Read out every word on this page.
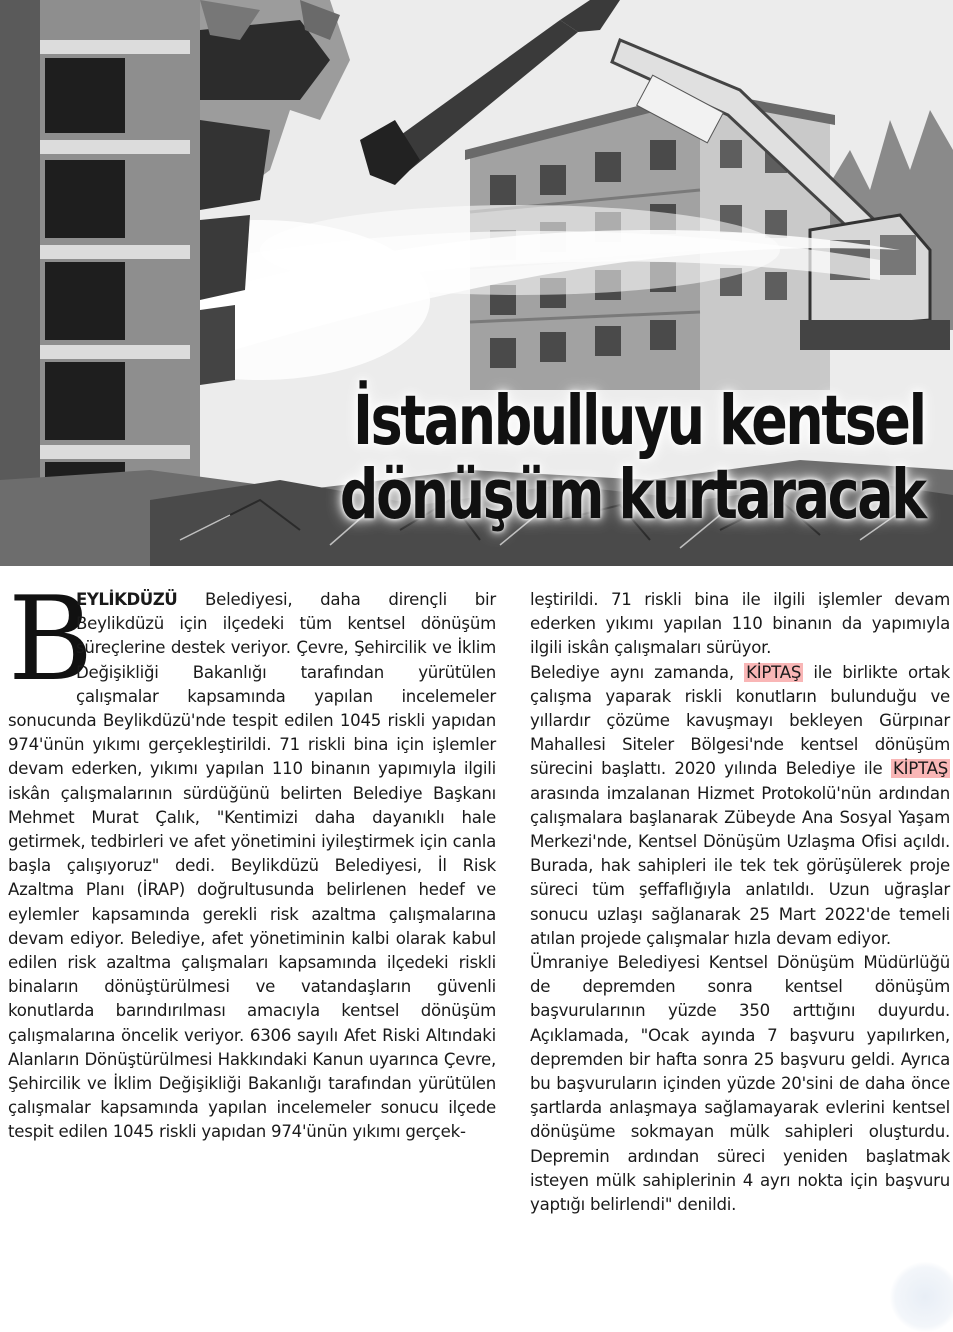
İstanbulluyu kentsel
dönüşüm kurtaracak
B

EYLİKDÜZÜ Belediyesi, daha dirençli bir Beylikdüzü için ilçedeki tüm kentsel dönüşüm süreçlerine destek veriyor. Çevre, Şehircilik ve İklim Değişikliği Bakanlığı tarafından yürütülen çalışmalar kapsamında yapılan incelemeler sonucunda Beylikdüzü'nde tespit edilen 1045 riskli yapıdan 974'ünün yıkımı gerçekleştirildi. 71 riskli bina için işlemler devam ederken, yıkımı yapılan 110 binanın yapımıyla ilgili iskân çalışmalarının sürdüğünü belirten Belediye Başkanı Mehmet Murat Çalık, "Kentimizi daha dayanıklı hale getirmek, tedbirleri ve afet yönetimini iyileştirmek için canla başla çalışıyoruz" dedi. Beylikdüzü Belediyesi, İl Risk Azaltma Planı (İRAP) doğrultusunda belirlenen hedef ve eylemler kapsamında gerekli risk azaltma çalışmalarına devam ediyor. Belediye, afet yönetiminin kalbi olarak kabul edilen risk azaltma çalışmaları kapsamında ilçedeki riskli binaların dönüştürülmesi ve vatandaşların güvenli konutlarda barındırılması amacıyla kentsel dönüşüm çalışmalarına öncelik veriyor. 6306 sayılı Afet Riski Altındaki Alanların Dönüştürülmesi Hakkındaki Kanun uyarınca Çevre, Şehircilik ve İklim Değişikliği Bakanlığı tarafından yürütülen çalışmalar kapsamında yapılan incelemeler sonucu ilçede tespit edilen 1045 riskli yapıdan 974'ünün yıkımı gerçek-

leştirildi. 71 riskli bina ile ilgili işlemler devam ederken yıkımı yapılan 110 binanın da yapımıyla ilgili iskân çalışmaları sürüyor.

Belediye aynı zamanda, KİPTAŞ ile birlikte ortak çalışma yaparak riskli konutların bulunduğu ve yıllardır çözüme kavuşmayı bekleyen Gürpınar Mahallesi Siteler Bölgesi'nde kentsel dönüşüm sürecini başlattı. 2020 yılında Belediye ile KİPTAŞ arasında imzalanan Hizmet Protokolü'nün ardından çalışmalara başlanarak Zübeyde Ana Sosyal Yaşam Merkezi'nde, Kentsel Dönüşüm Uzlaşma Ofisi açıldı. Burada, hak sahipleri ile tek tek görüşülerek proje süreci tüm şeffaflığıyla anlatıldı. Uzun uğraşlar sonucu uzlaşı sağlanarak 25 Mart 2022'de temeli atılan projede çalışmalar hızla devam ediyor.

Ümraniye Belediyesi Kentsel Dönüşüm Müdürlüğü de depremden sonra kentsel dönüşüm başvurularının yüzde 350 arttığını duyurdu. Açıklamada, "Ocak ayında 7 başvuru yapılırken, depremden bir hafta sonra 25 başvuru geldi. Ayrıca bu başvuruların içinden yüzde 20'sini de daha önce şartlarda anlaşmaya sağlamayarak evlerini kentsel dönüşüme sokmayan mülk sahipleri oluşturdu. Depremin ardından süreci yeniden başlatmak isteyen mülk sahiplerinin 4 ayrı nokta için başvuru yaptığı belirlendi" denildi.
